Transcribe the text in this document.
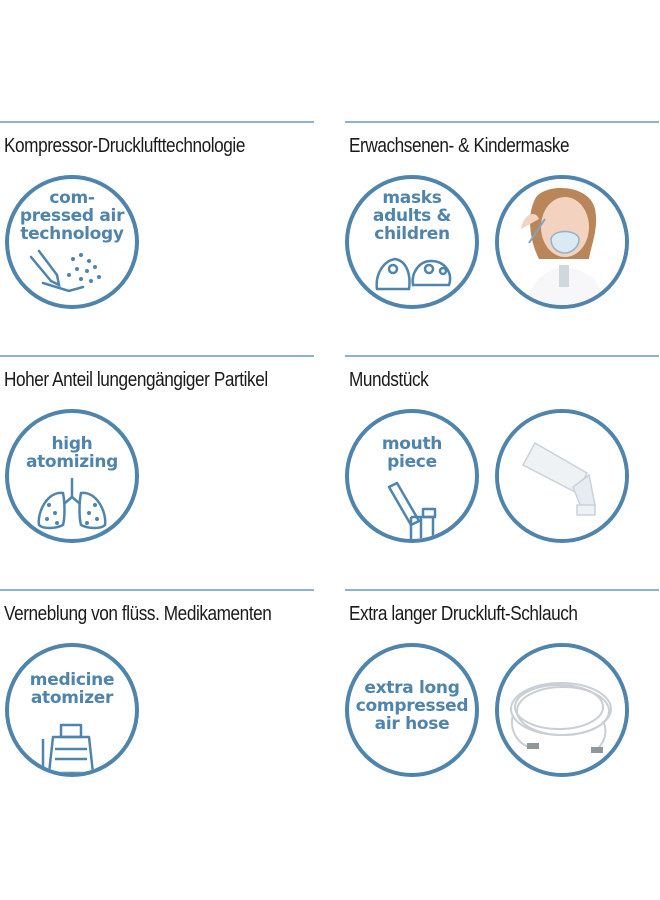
Kompressor-Drucklufttechnologie
com-
pressed air
technology
Erwachsenen- & Kindermaske
masks
adults &
children
Hoher Anteil lungengängiger Partikel
high
atomizing
Mundstück
mouth
piece
Verneblung von flüss. Medikamenten
medicine
atomizer
Extra langer Druckluft-Schlauch
extra long
compressed
air hose
